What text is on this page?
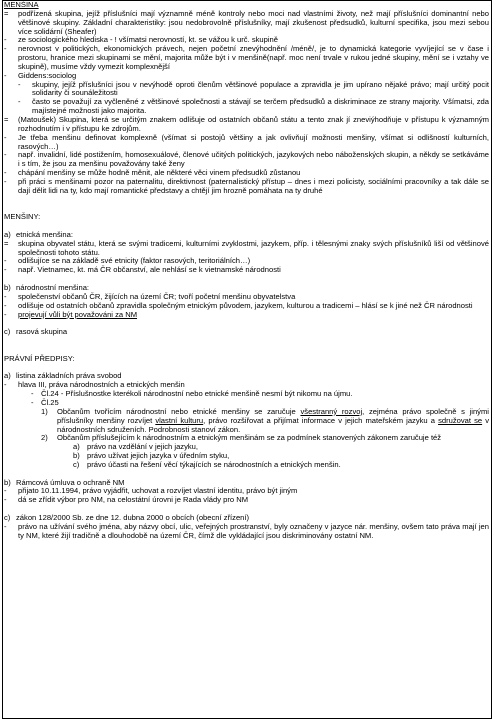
MENŠINA

=	podřízená skupina, jejíž příslušníci mají významně méně kontroly nebo moci nad vlastními životy, než mají příslušníci dominantní nebo většinové skupiny. Základní charakteristiky: jsou nedobrovolně příslušníky, mají zkušenost předsudků, kulturní specifika, jsou mezi sebou více solidární (Sheafer)
-	ze sociologického hlediska - ! všímatsi nerovností, kt. se vážou k urč. skupině
-	nerovnost v politických, ekonomických právech, nejen početní znevýhodnění /méně/, je to dynamická kategorie vyvíjející se v čase i prostoru, hranice mezi skupinami se mění, majorita může být i v menšině(např. moc není trvale v rukou jedné skupiny, mění se i vztahy ve skupině), musíme vždy vymezit komplexnější
-	Giddens:sociolog
-	skupiny, jejíž příslušníci jsou v nevýhodě oproti členům většinové populace a zpravidla je jim upírano nějaké právo; mají určitý pocit solidarity či sounáležitosti
-	často se považují za vyčleněné z většinové společnosti a stávají se terčem předsudků a diskriminace ze strany majority. Všímatsi, zda majístejné možnosti jako majorita.
=	(Matoušek) Skupina, která se určitým znakem odlišuje od ostatních občanů státu a tento znak jí zneviýhodňuje v přístupu k významným rozhodnutím i v přístupu ke zdrojům.
-	Je třeba menšinu definovat komplexně (všímat si postojů většiny a jak ovlivňují možnosti menšiny, všímat si odlišností kulturních, rasových…)
-	např. invalidní, lidé postižením, homosexuálové, členové učitých politických, jazykových nebo náboženských skupin, a někdy se setkáváme i s tím, že jsou za menšinu považovány také ženy
-	chápání menšiny se může hodně měnit, ale některé věci vinem předsudků zůstanou
-	při práci s menšinami pozor na paternalitu, direktivnost (paternalistický přístup – dnes i mezi policisty, sociálními pracovníky a tak dále se dají dělit lidi na ty, kdo mají romantické představy a chtějí jim hrozně pomáhata na ty druhé

MENŠINY:

a) etnická menšina:
=	skupina obyvatel státu, která se svými tradicemi, kulturními zvyklostmi, jazykem, příp. i tělesnými znaky svých příslušníků liší od většinové společnosti tohoto státu.
-	odlišujíce se na základě své etnicity (faktor rasových, teritoriálních…)
-	např. Vietnamec, kt. má ČR občanství, ale nehlásí se k vietnamské národnosti
b) národnostní menšina:
-	společenství občanů ČR, žijících na území ČR; tvoří početní menšinu obyvatelstva
-	odlišuje od ostatních občanů zpravidla společným etnickým původem, jazykem, kulturou a tradicemi – hlásí se k jiné než ČR národnosti
-	projevují vůli být považováni za NM
c) rasová skupina

PRÁVNÍ PŘEDPISY:

a) listina základních práva svobod
-	hlava III, práva národnostních a etnických menšin
- Čl.24 - Příslušnostke kterékoli národnostní nebo etnické menšině nesmí být nikomu na újmu.
- Čl.25
1)	Občanům tvořícím národnostní nebo etnické menšiny se zaručuje všestranný rozvoj, zejména právo společně s jinými příslušníky menšiny rozvíjet vlastní kulturu, právo rozšiřovat a přijímat informace v jejich mateřském jazyku a sdružovat se v národnostních sdruženích. Podrobnosti stanoví zákon.
2)	Občanům příslušejícím k národnostním a etnickým menšinám se za podmínek stanovených zákonem zaručuje též
a) právo na vzdělání v jejich jazyku,
b) právo užívat jejich jazyka v úředním styku,
c)	právo účasti na řešení věcí týkajících se národnostních a etnických menšin.
b) Rámcová úmluva o ochraně NM
-	přijato 10.11.1994, právo vyjádřit, uchovat a rozvíjet vlastní identitu, právo být jiným
-	dá se zřídit výbor pro NM, na celostátní úrovni je Rada vlády pro NM
c) zákon 128/2000 Sb. ze dne 12. dubna 2000 o obcích (obecní zřízení)
-	právo na užívání svého jména, aby názvy obcí, ulic, veřejných prostranství, byly označeny v jazyce nár. menšiny, ovšem tato práva mají jen ty NM, které žijí tradičně a dlouhodobě na území ČR, čímž dle vykládající jsou diskriminovány ostatní NM.
